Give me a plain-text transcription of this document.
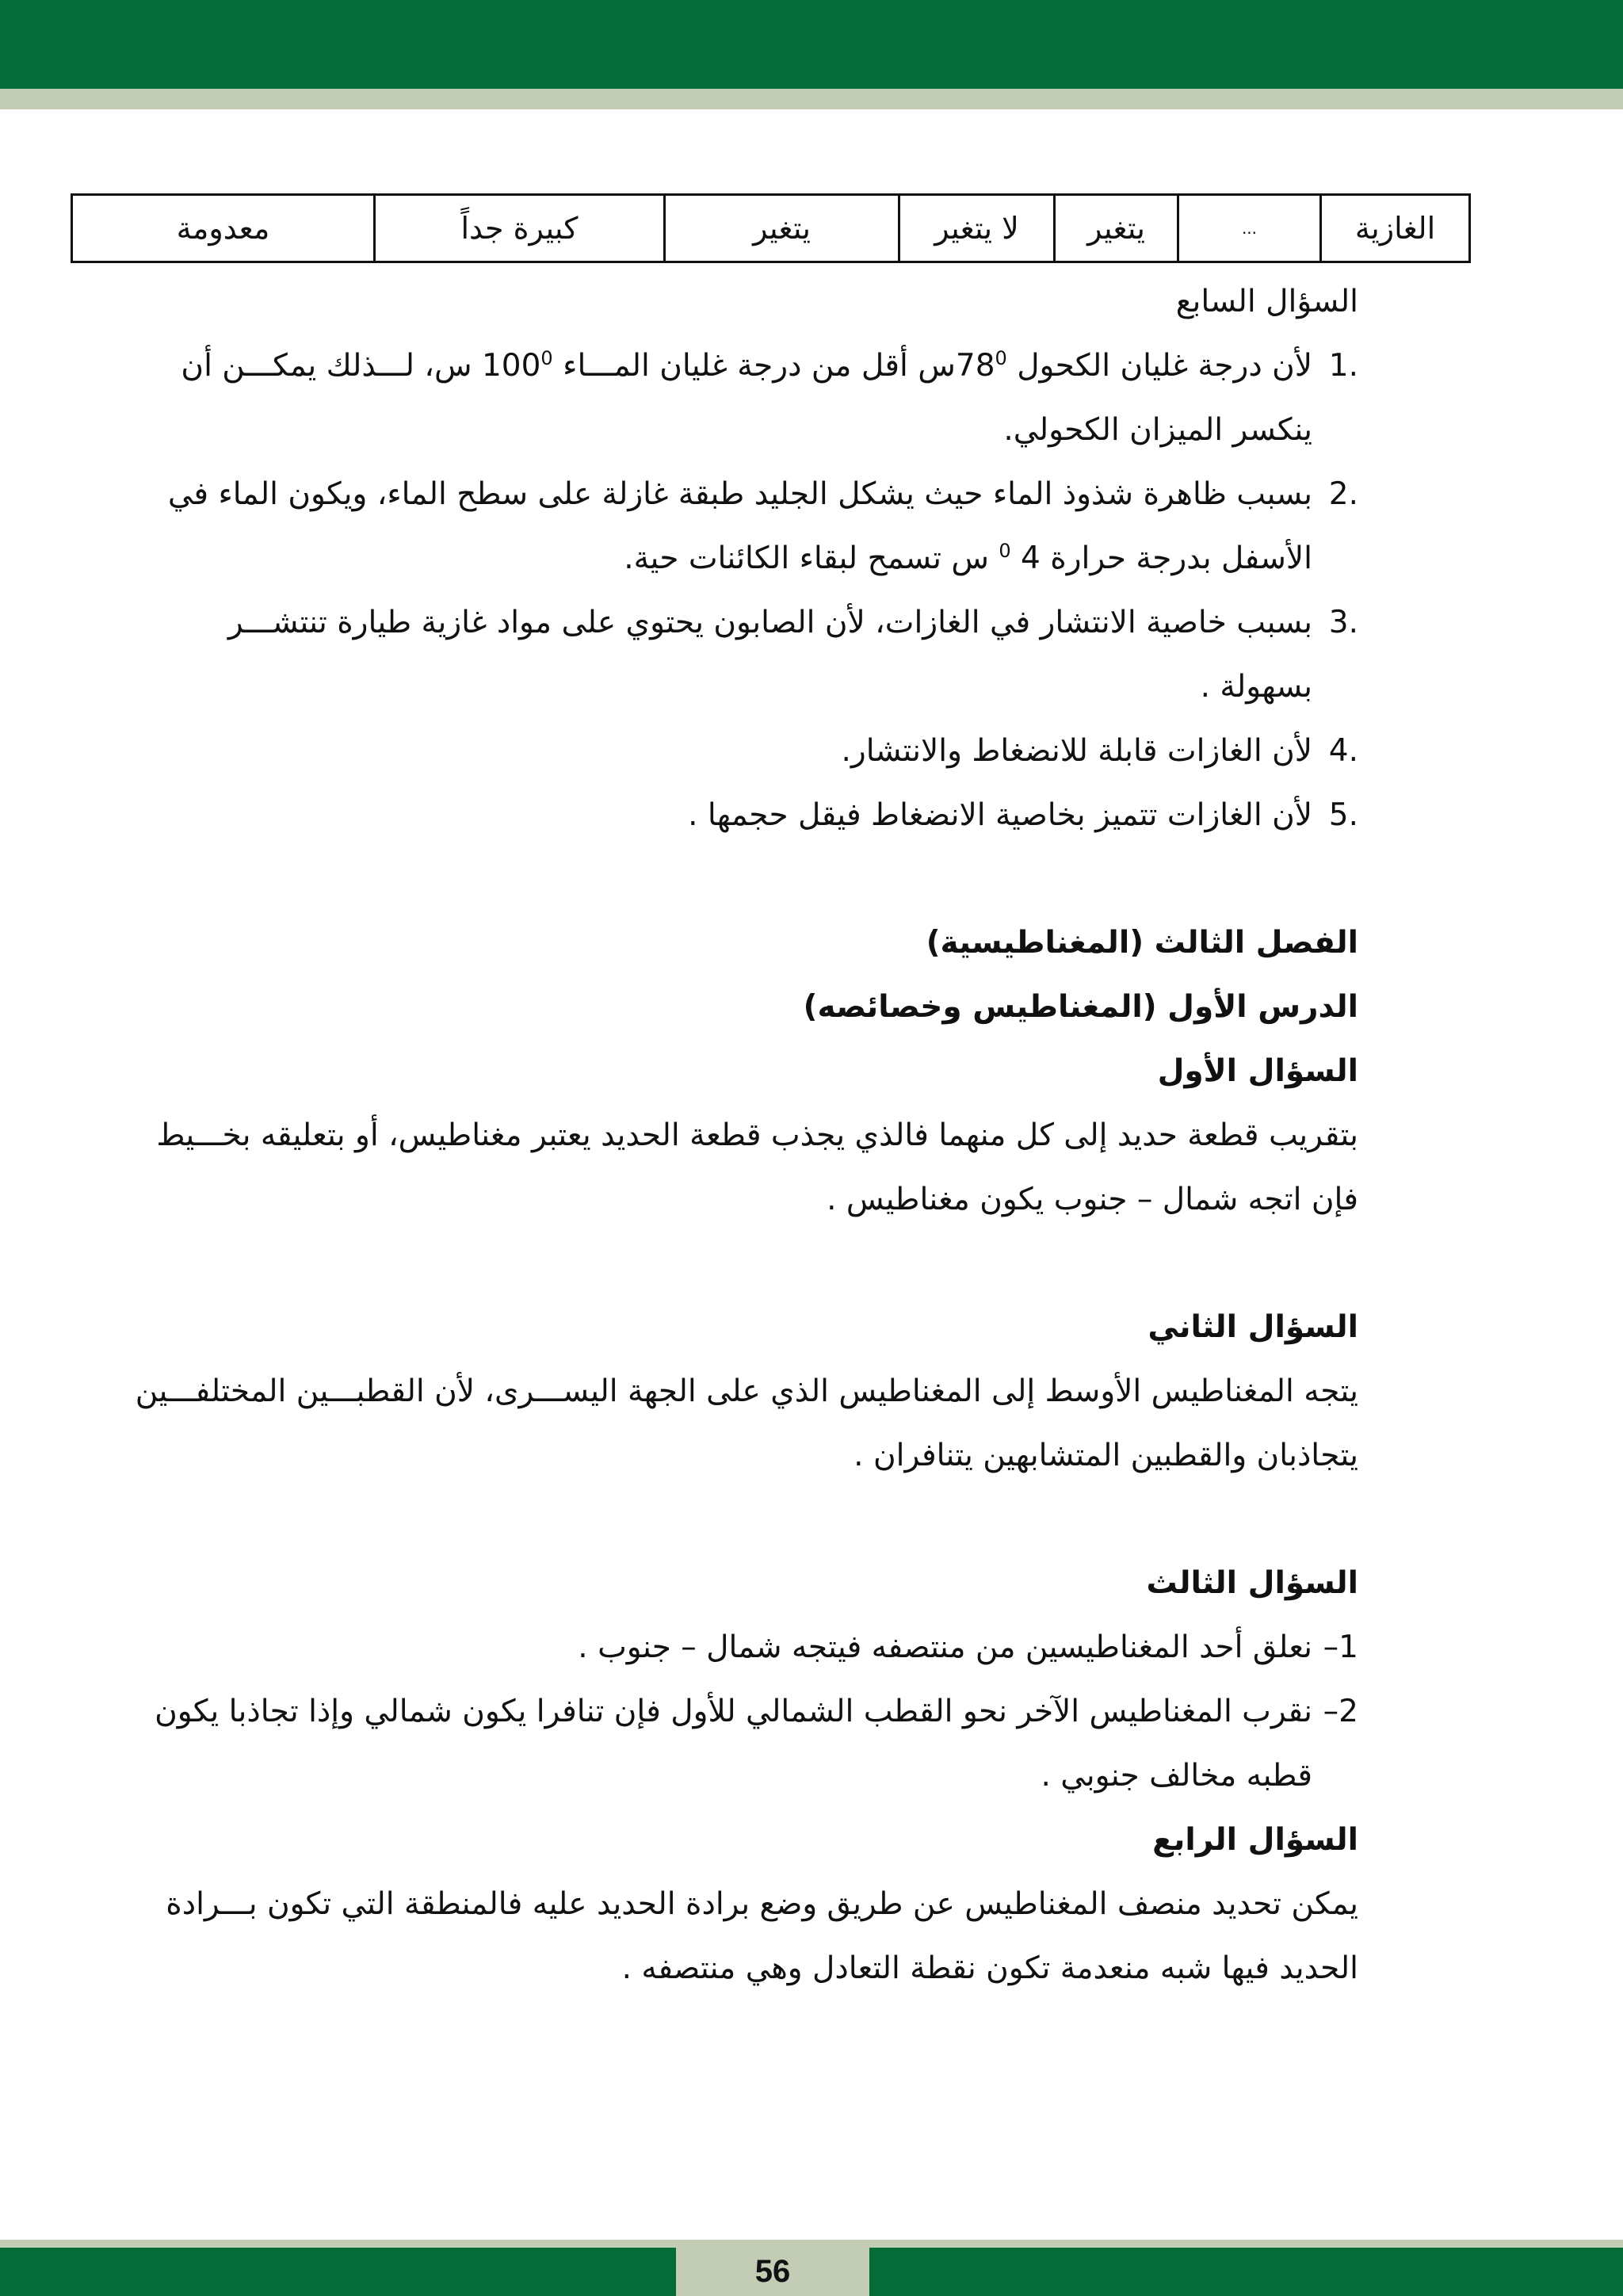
الغازية	...	يتغير	لا يتغير	يتغير	كبيرة جداً	معدومة

السؤال السابع

.1

لأن درجة غليان الكحول $78^0س$ أقل من درجة غليان المـــاء $100^0$ س، لـــذلك يمكـــن أن

ينكسر الميزان الكحولي.

.2

بسبب ظاهرة شذوذ الماء حيث يشكل الجليد طبقة غازلة على سطح الماء، ويكون الماء في

الأسفل بدرجة حرارة 4 $^0$ س تسمح لبقاء الكائنات حية.

.3

بسبب خاصية الانتشار في الغازات، لأن الصابون يحتوي على مواد غازية طيارة تنتشـــر

بسهولة .

.4

لأن الغازات قابلة للانضغاط والانتشار.

.5

لأن الغازات تتميز بخاصية الانضغاط فيقل حجمها .

الفصل الثالث (المغناطيسية)

الدرس الأول (المغناطيس وخصائصه)

السؤال الأول

بتقريب قطعة حديد إلى كل منهما فالذي يجذب قطعة الحديد يعتبر مغناطيس، أو بتعليقه بخـــيط

فإن اتجه شمال – جنوب يكون مغناطيس .

السؤال الثاني

يتجه المغناطيس الأوسط إلى المغناطيس الذي على الجهة اليســـرى، لأن القطبـــين المختلفـــين

يتجاذبان والقطبين المتشابهين يتنافران .

السؤال الثالث

1–

نعلق أحد المغناطيسين من منتصفه فيتجه شمال – جنوب .

2–

نقرب المغناطيس الآخر نحو القطب الشمالي للأول فإن تنافرا يكون شمالي وإذا تجاذبا يكون

قطبه مخالف جنوبي .

السؤال الرابع

يمكن تحديد منصف المغناطيس عن طريق وضع برادة الحديد عليه فالمنطقة التي تكون بـــرادة

الحديد فيها شبه منعدمة تكون نقطة التعادل وهي منتصفه .

56
